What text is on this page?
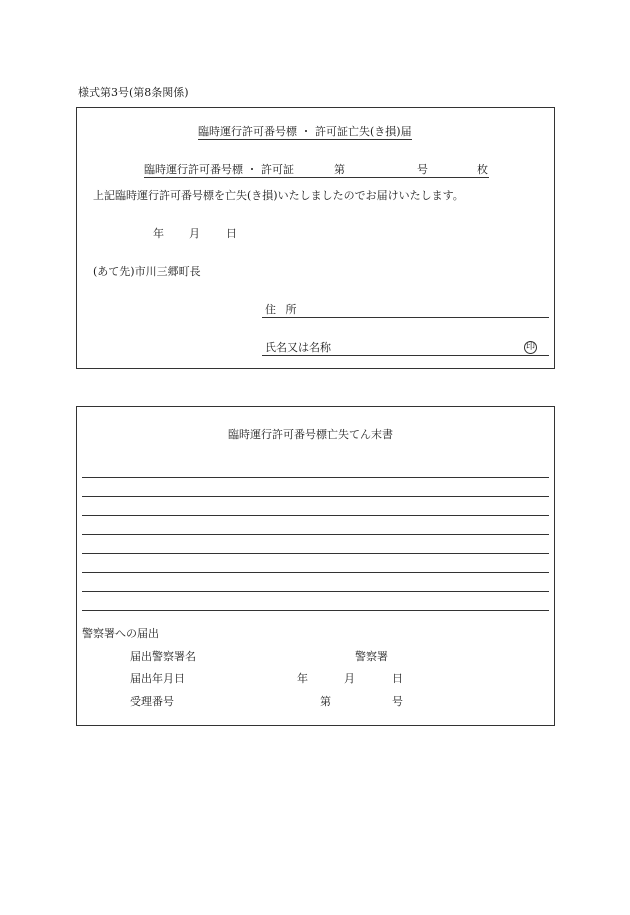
様式第3号(第8条関係)
臨時運行許可番号標 ・ 許可証亡失(き損)届
臨時運行許可番号標 ・ 許可証	第	号	枚
上記臨時運行許可番号標を亡失(き損)いたしましたのでお届けいたします。
年 月 日
(あて先)市川三郷町長
住 所
氏名又は名称	印
臨時運行許可番号標亡失てん末書
警察署への届出
届出警察署名	警察署
届出年月日	年	月	日
受理番号	第	号
